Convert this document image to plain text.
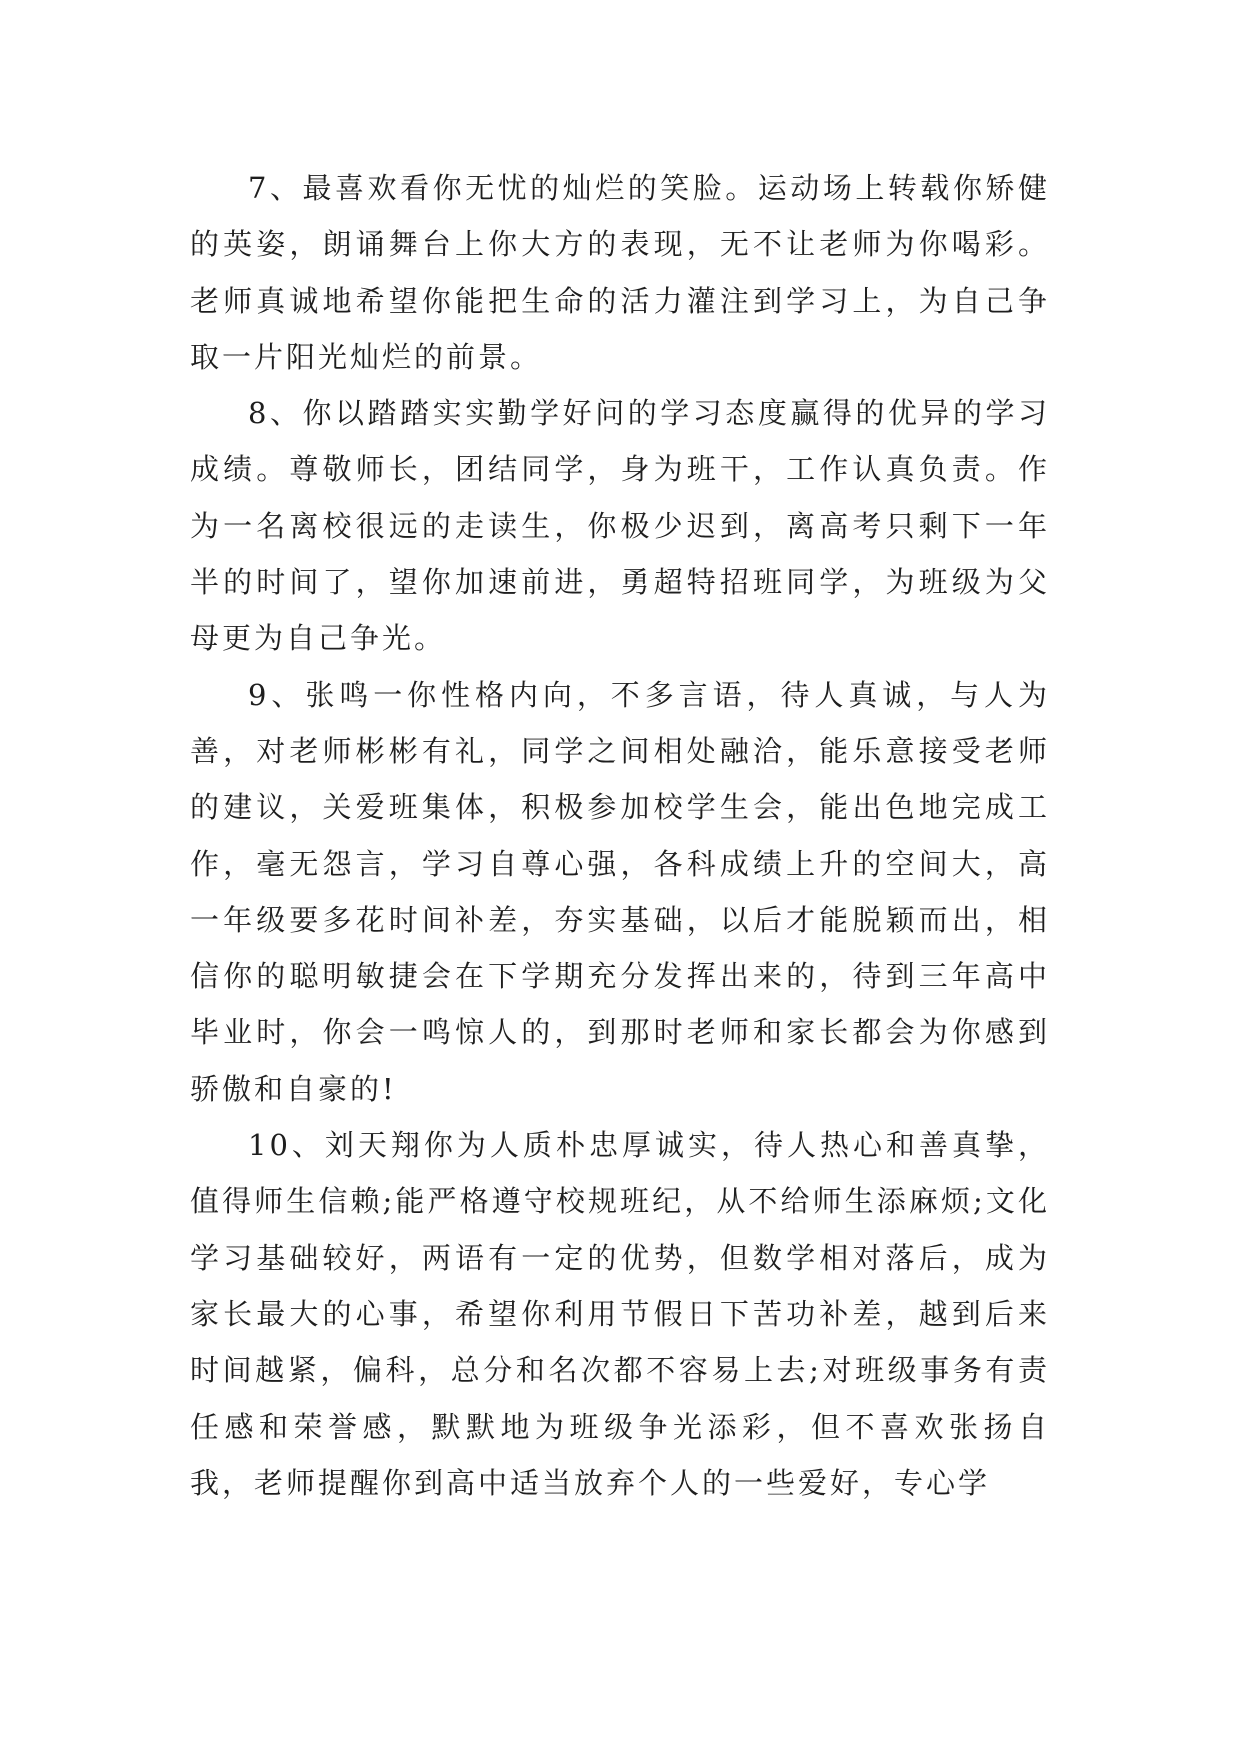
7、最喜欢看你无忧的灿烂的笑脸。运动场上转载你矫健的英姿，朗诵舞台上你大方的表现，无不让老师为你喝彩。老师真诚地希望你能把生命的活力灌注到学习上，为自己争取一片阳光灿烂的前景。

8、你以踏踏实实勤学好问的学习态度赢得的优异的学习成绩。尊敬师长，团结同学，身为班干，工作认真负责。作为一名离校很远的走读生，你极少迟到，离高考只剩下一年半的时间了，望你加速前进，勇超特招班同学，为班级为父母更为自己争光。

9、张鸣一你性格内向，不多言语，待人真诚，与人为善，对老师彬彬有礼，同学之间相处融洽，能乐意接受老师的建议，关爱班集体，积极参加校学生会，能出色地完成工作，毫无怨言，学习自尊心强，各科成绩上升的空间大，高一年级要多花时间补差，夯实基础，以后才能脱颖而出，相信你的聪明敏捷会在下学期充分发挥出来的，待到三年高中毕业时，你会一鸣惊人的，到那时老师和家长都会为你感到骄傲和自豪的!

10、刘天翔你为人质朴忠厚诚实，待人热心和善真挚，值得师生信赖;能严格遵守校规班纪，从不给师生添麻烦;文化学习基础较好，两语有一定的优势，但数学相对落后，成为家长最大的心事，希望你利用节假日下苦功补差，越到后来时间越紧，偏科，总分和名次都不容易上去;对班级事务有责任感和荣誉感，默默地为班级争光添彩，但不喜欢张扬自我，老师提醒你到高中适当放弃个人的一些爱好，专心学
